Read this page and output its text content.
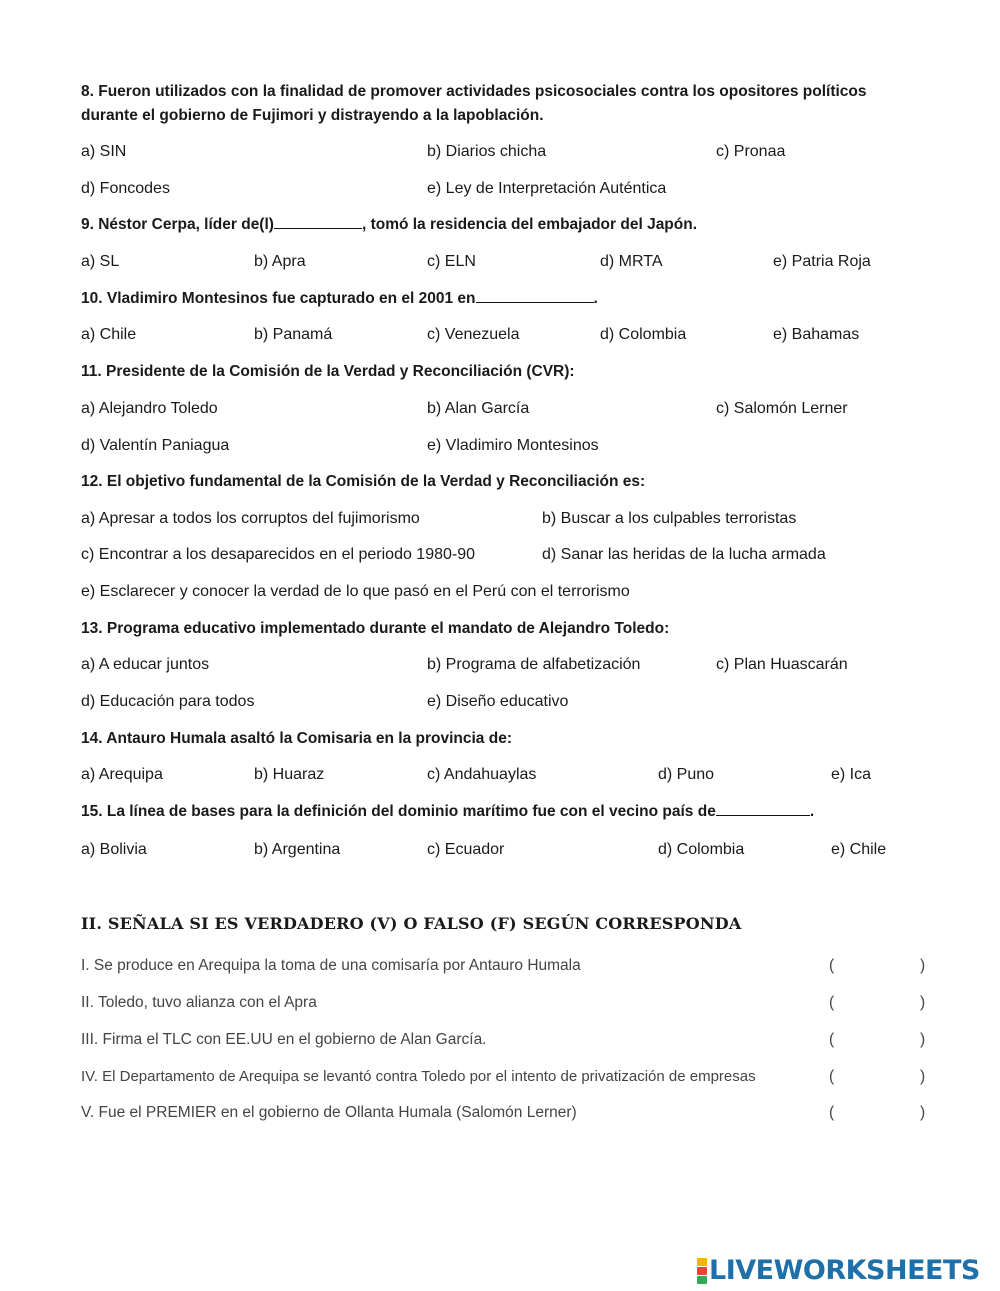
8. Fueron utilizados con la finalidad de promover actividades psicosociales contra los opositores políticos
durante el gobierno de Fujimori y distrayendo a la lapoblación.
a) SIN	b) Diarios chicha	c) Pronaa
d) Foncodes	e) Ley de Interpretación Auténtica
9. Néstor Cerpa, líder de(l)	, tomó la residencia del embajador del Japón.
a) SL	b) Apra	c) ELN	d) MRTA	e) Patria Roja
10. Vladimiro Montesinos fue capturado en el 2001 en	.
a) Chile	b) Panamá	c) Venezuela	d) Colombia	e) Bahamas
11. Presidente de la Comisión de la Verdad y Reconciliación (CVR):
a) Alejandro Toledo	b) Alan García	c) Salomón Lerner
d) Valentín Paniagua	e) Vladimiro Montesinos
12. El objetivo fundamental de la Comisión de la Verdad y Reconciliación es:
a) Apresar a todos los corruptos del fujimorismo	b) Buscar a los culpables terroristas
c) Encontrar a los desaparecidos en el periodo 1980-90	d) Sanar las heridas de la lucha armada
e) Esclarecer y conocer la verdad de lo que pasó en el Perú con el terrorismo
13. Programa educativo implementado durante el mandato de Alejandro Toledo:
a) A educar juntos	b) Programa de alfabetización	c) Plan Huascarán
d) Educación para todos	e) Diseño educativo
14. Antauro Humala asaltó la Comisaria en la provincia de:
a) Arequipa	b) Huaraz	c) Andahuaylas	d) Puno	e) Ica
15. La línea de bases para la definición del dominio marítimo fue con el vecino país de	.
a) Bolivia	b) Argentina	c) Ecuador	d) Colombia	e) Chile
II. SEÑALA SI ES VERDADERO (V) O FALSO (F) SEGÚN CORRESPONDA
I. Se produce en Arequipa la toma de una comisaría por Antauro Humala	(	)
II. Toledo, tuvo alianza con el Apra	(	)
III. Firma el TLC con EE.UU en el gobierno de Alan García.	(	)
IV. El Departamento de Arequipa se levantó contra Toledo por el intento de privatización de empresas	(	)
V. Fue el PREMIER en el gobierno de Ollanta Humala (Salomón Lerner)	(	)
LIVEWORKSHEETS
